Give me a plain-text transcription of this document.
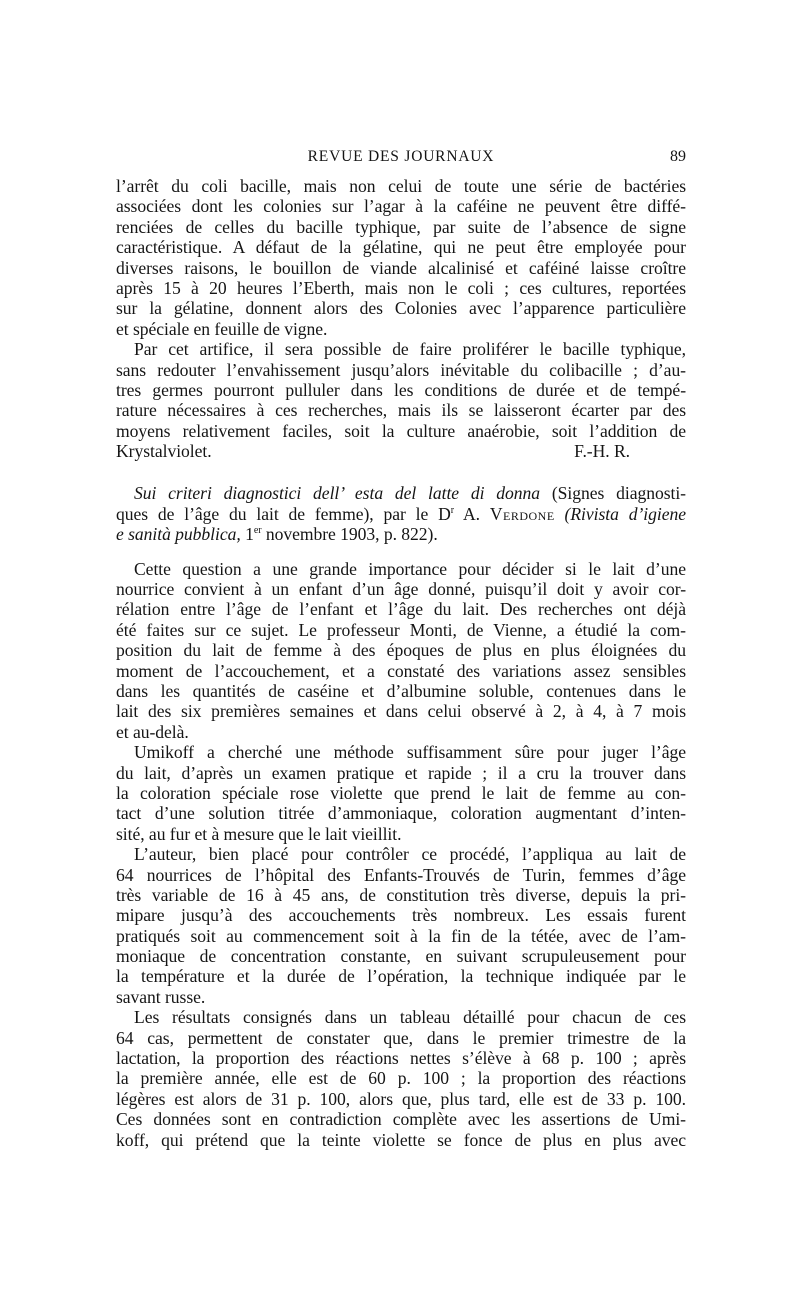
REVUE DES JOURNAUX	89
l’arrêt du coli bacille, mais non celui de toute une série de bactéries
associées dont les colonies sur l’agar à la caféine ne peuvent être diffé-
renciées de celles du bacille typhique, par suite de l’absence de signe
caractéristique. A défaut de la gélatine, qui ne peut être employée pour
diverses raisons, le bouillon de viande alcalinisé et caféiné laisse croître
après 15 à 20 heures l’Eberth, mais non le coli ; ces cultures, reportées
sur la gélatine, donnent alors des Colonies avec l’apparence particulière
et spéciale en feuille de vigne.
Par cet artifice, il sera possible de faire proliférer le bacille typhique,
sans redouter l’envahissement jusqu’alors inévitable du colibacille ; d’au-
tres germes pourront pulluler dans les conditions de durée et de tempé-
rature nécessaires à ces recherches, mais ils se laisseront écarter par des
moyens relativement faciles, soit la culture anaérobie, soit l’addition de
Krystalviolet.	F.-H. R.
Sui criteri diagnostici dell’ esta del latte di donna (Signes diagnosti-
ques de l’âge du lait de femme), par le $D^r$ A. Verdone (Rivista d’igiene
e sanità pubblica, 1er novembre 1903, p. 822).
Cette question a une grande importance pour décider si le lait d’une
nourrice convient à un enfant d’un âge donné, puisqu’il doit y avoir cor-
rélation entre l’âge de l’enfant et l’âge du lait. Des recherches ont déjà
été faites sur ce sujet. Le professeur Monti, de Vienne, a étudié la com-
position du lait de femme à des époques de plus en plus éloignées du
moment de l’accouchement, et a constaté des variations assez sensibles
dans les quantités de caséine et d’albumine soluble, contenues dans le
lait des six premières semaines et dans celui observé à 2, à 4, à 7 mois
et au-delà.
Umikoff a cherché une méthode suffisamment sûre pour juger l’âge
du lait, d’après un examen pratique et rapide ; il a cru la trouver dans
la coloration spéciale rose violette que prend le lait de femme au con-
tact d’une solution titrée d’ammoniaque, coloration augmentant d’inten-
sité, au fur et à mesure que le lait vieillit.
L’auteur, bien placé pour contrôler ce procédé, l’appliqua au lait de
64 nourrices de l’hôpital des Enfants-Trouvés de Turin, femmes d’âge
très variable de 16 à 45 ans, de constitution très diverse, depuis la pri-
mipare jusqu’à des accouchements très nombreux. Les essais furent
pratiqués soit au commencement soit à la fin de la tétée, avec de l’am-
moniaque de concentration constante, en suivant scrupuleusement pour
la température et la durée de l’opération, la technique indiquée par le
savant russe.
Les résultats consignés dans un tableau détaillé pour chacun de ces
64 cas, permettent de constater que, dans le premier trimestre de la
lactation, la proportion des réactions nettes s’élève à 68 p. 100 ; après
la première année, elle est de 60 p. 100 ; la proportion des réactions
légères est alors de 31 p. 100, alors que, plus tard, elle est de 33 p. 100.
Ces données sont en contradiction complète avec les assertions de Umi-
koff, qui prétend que la teinte violette se fonce de plus en plus avec
